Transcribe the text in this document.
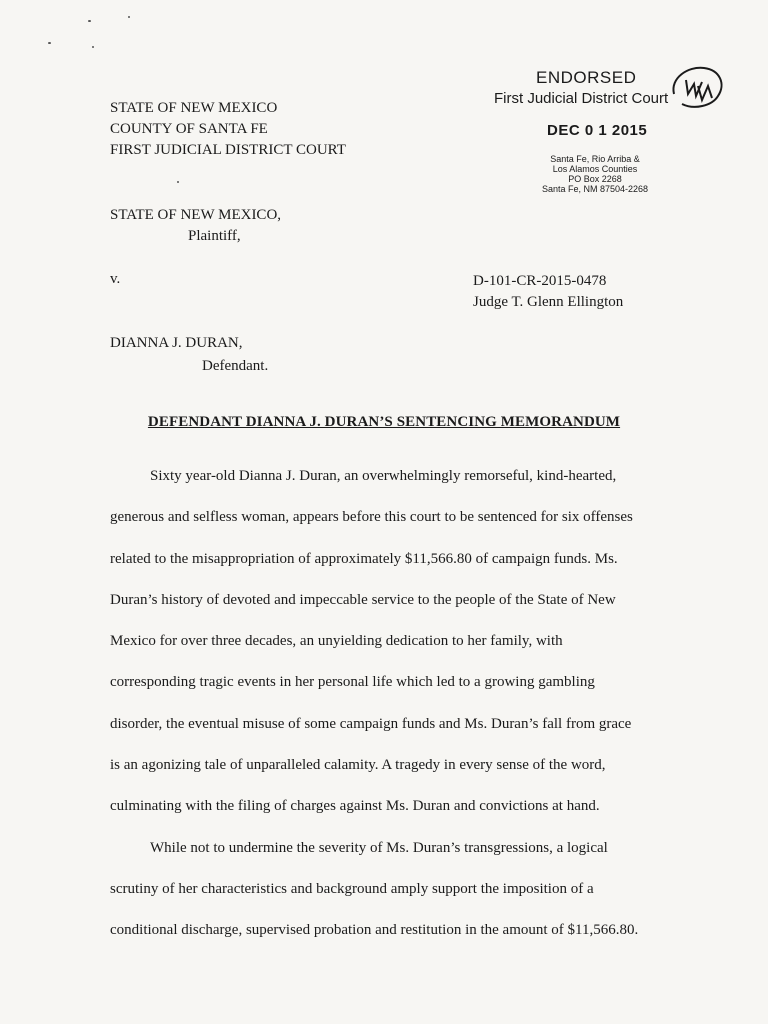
STATE OF NEW MEXICO
COUNTY OF SANTA FE
FIRST JUDICIAL DISTRICT COURT
ENDORSED
First Judicial District Court
DEC 0 1 2015
Santa Fe, Rio Arriba &
Los Alamos Counties
PO Box 2268
Santa Fe, NM 87504-2268
STATE OF NEW MEXICO,
Plaintiff,
v.	D-101-CR-2015-0478
Judge T. Glenn Ellington
DIANNA J. DURAN,
Defendant.
DEFENDANT DIANNA J. DURAN’S SENTENCING MEMORANDUM
Sixty year-old Dianna J. Duran, an overwhelmingly remorseful, kind-hearted,
generous and selfless woman, appears before this court to be sentenced for six offenses
related to the misappropriation of approximately $11,566.80 of campaign funds. Ms.
Duran’s history of devoted and impeccable service to the people of the State of New
Mexico for over three decades, an unyielding dedication to her family, with
corresponding tragic events in her personal life which led to a growing gambling
disorder, the eventual misuse of some campaign funds and Ms. Duran’s fall from grace
is an agonizing tale of unparalleled calamity. A tragedy in every sense of the word,
culminating with the filing of charges against Ms. Duran and convictions at hand.
While not to undermine the severity of Ms. Duran’s transgressions, a logical
scrutiny of her characteristics and background amply support the imposition of a
conditional discharge, supervised probation and restitution in the amount of $11,566.80.
